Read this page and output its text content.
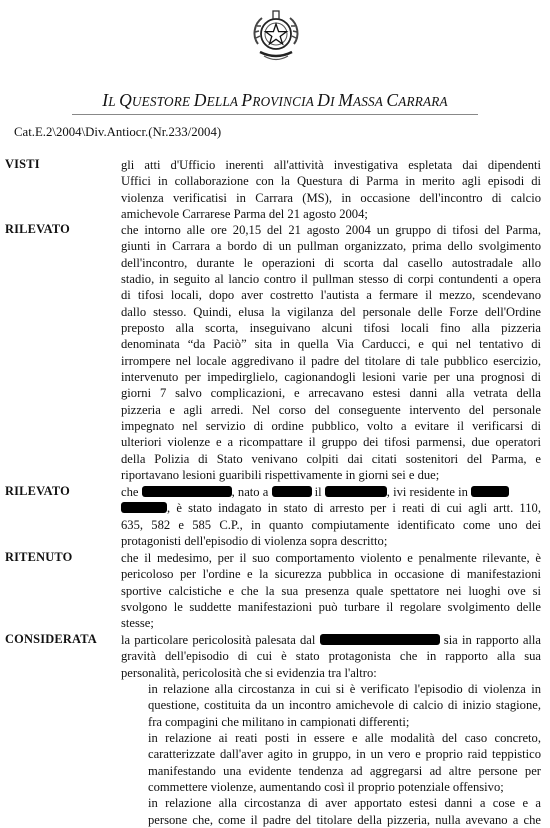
IL QUESTORE DELLA PROVINCIA DI MASSA CARRARA
Cat.E.2\2004\Div.Antiocr.(Nr.233/2004)
VISTI	gli atti d'Ufficio inerenti all'attività investigativa espletata dai dipendenti
Uffici in collaborazione con la Questura di Parma in merito agli episodi di
violenza verificatisi in Carrara (MS), in occasione dell'incontro di calcio
amichevole Carrarese Parma del 21 agosto 2004;
RILEVATO	che intorno alle ore 20,15 del 21 agosto 2004 un gruppo di tifosi del Parma,
giunti in Carrara a bordo di un pullman organizzato, prima dello svolgimento
dell'incontro, durante le operazioni di scorta dal casello autostradale allo
stadio, in seguito al lancio contro il pullman stesso di corpi contundenti a opera
di tifosi locali, dopo aver costretto l'autista a fermare il mezzo, scendevano
dallo stesso. Quindi, elusa la vigilanza del personale delle Forze dell'Ordine
preposto alla scorta, inseguivano alcuni tifosi locali fino alla pizzeria
denominata “da Paciò” sita in quella Via Carducci, e qui nel tentativo di
irrompere nel locale aggredivano il padre del titolare di tale pubblico esercizio,
intervenuto per impedirglielo, cagionandogli lesioni varie per una prognosi di
giorni 7 salvo complicazioni, e arrecavano estesi danni alla vetrata della
pizzeria e agli arredi. Nel corso del conseguente intervento del personale
impegnato nel servizio di ordine pubblico, volto a evitare il verificarsi di
ulteriori violenze e a ricompattare il gruppo dei tifosi parmensi, due operatori
della Polizia di Stato venivano colpiti dai citati sostenitori del Parma, e
riportavano lesioni guaribili rispettivamente in giorni sei e due;
RILEVATO	che	, nato a	il	, ivi residente in
, è stato indagato in stato di arresto per i reati di cui agli artt. 110,
635, 582 e 585 C.P., in quanto compiutamente identificato come uno dei
protagonisti dell'episodio di violenza sopra descritto;
RITENUTO	che il medesimo, per il suo comportamento violento e penalmente rilevante, è
pericoloso per l'ordine e la sicurezza pubblica in occasione di manifestazioni
sportive calcistiche e che la sua presenza quale spettatore nei luoghi ove si
svolgono le suddette manifestazioni può turbare il regolare svolgimento delle
stesse;
CONSIDERATA la particolare pericolosità palesata dal	sia in rapporto alla
gravità dell'episodio di cui è stato protagonista che in rapporto alla sua
personalità, pericolosità che si evidenzia tra l'altro:
in relazione alla circostanza in cui si è verificato l'episodio di violenza in
questione, costituita da un incontro amichevole di calcio di inizio stagione,
fra compagini che militano in campionati differenti;
in relazione ai reati posti in essere e alle modalità del caso concreto,
caratterizzate dall'aver agito in gruppo, in un vero e proprio raid teppistico
manifestando una evidente tendenza ad aggregarsi ad altre persone per
commettere violenze, aumentando così il proprio potenziale offensivo;
in relazione alla circostanza di aver apportato estesi danni a cose e a
persone che, come il padre del titolare della pizzeria, nulla avevano a che
